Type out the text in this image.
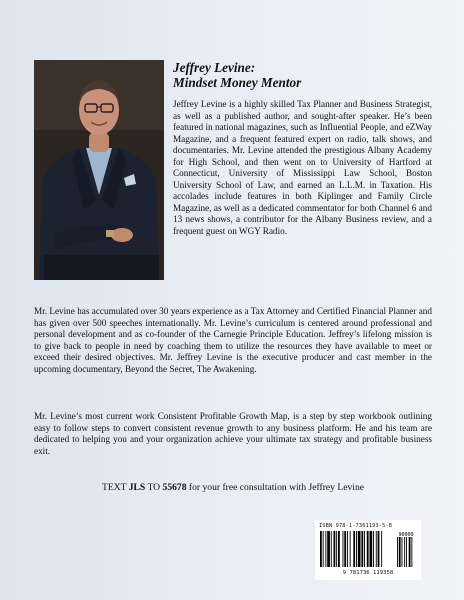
Jeffrey Levine:
Mindset Money Mentor

Jeffrey Levine is a highly skilled Tax Planner and Business Strategist, as well as a published author, and sought-after speaker. He’s been featured in national magazines, such as Influential People, and eZWay Magazine, and a frequent featured expert on radio, talk shows, and documentaries. Mr. Levine attended the prestigious Albany Academy for High School, and then went on to University of Hartford at Connecticut, University of Mississippi Law School, Boston University School of Law, and earned an L.L.M. in Taxation. His accolades include features in both Kiplinger and Family Circle Magazine, as well as a dedicated commentator for both Channel 6 and 13 news shows, a contributor for the Albany Business review, and a frequent guest on WGY Radio.

Mr. Levine has accumulated over 30 years experience as a Tax Attorney and Certified Financial Planner and has given over 500 speeches internationally. Mr. Levine’s curriculum is centered around professional and personal development and as co-founder of the Carnegie Principle Education. Jeffrey’s lifelong mission is to give back to people in need by coaching them to utilize the resources they have available to meet or exceed their desired objectives. Mr. Jeffrey Levine is the executive producer and cast member in the upcoming documentary, Beyond the Secret, The Awakening.

Mr. Levine’s most current work Consistent Profitable Growth Map, is a step by step workbook outlining easy to follow steps to convert consistent revenue growth to any business platform. He and his team are dedicated to helping you and your organization achieve your ultimate tax strategy and profitable business exit.

TEXT JLS TO 55678 for your free consultation with Jeffrey Levine

ISBN 978-1-7361193-5-8
90000
9 781736 119358
